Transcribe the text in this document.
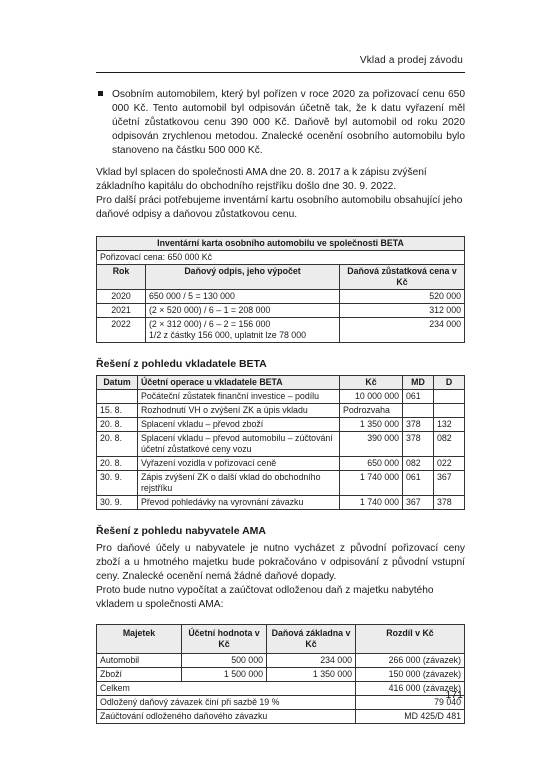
Vklad a prodej závodu
Osobním automobilem, který byl pořízen v roce 2020 za pořizovací cenu 650 000 Kč. Tento automobil byl odpisován účetně tak, že k datu vyřazení měl účetní zůstatkovou cenu 390 000 Kč. Daňově byl automobil od roku 2020 odpisován zrychlenou metodou. Znalecké ocenění osobního automobilu bylo stanoveno na částku 500 000 Kč.

Vklad byl splacen do společnosti AMA dne 20. 8. 2017 a k zápisu zvýšení základního kapitálu do obchodního rejstříku došlo dne 30. 9. 2022.

Pro další práci potřebujeme inventární kartu osobního automobilu obsahující jeho daňové odpisy a daňovou zůstatkovou cenu.

Inventární karta osobního automobilu ve společnosti BETA		
Pořizovací cena: 650 000 Kč		
Rok	Daňový odpis, jeho výpočet	Daňová zůstatková cena v Kč
2020	650 000 / 5 = 130 000	520 000
2021	(2 × 520 000) / 6 – 1 = 208 000	312 000
2022	(2 × 312 000) / 6 – 2 = 156 000
1/2 z částky 156 000, uplatnit lze 78 000	234 000
Řešení z pohledu vkladatele BETA
Datum	Účetní operace u vkladatele BETA	Kč	MD	D
	Počáteční zůstatek finanční investice – podílu	10 000 000	061	
15. 8.	Rozhodnutí VH o zvýšení ZK a úpis vkladu	Podrozvaha		
20. 8.	Splacení vkladu – převod zboží	1 350 000	378	132
20. 8.	Splacení vkladu – převod automobilu – zúčtování
účetní zůstatkové ceny vozu	390 000	378	082
20. 8.	Vyřazení vozidla v pořizovací ceně	650 000	082	022
30. 9.	Zápis zvýšení ZK o další vklad do obchodního rejstříku	1 740 000	061	367
30. 9.	Převod pohledávky na vyrovnání závazku	1 740 000	367	378
Řešení z pohledu nabyvatele AMA

Pro daňové účely u nabyvatele je nutno vycházet z původní pořizovací ceny zboží a u hmotného majetku bude pokračováno v odpisování z původní vstupní ceny. Znalecké ocenění nemá žádné daňové dopady.

Proto bude nutno vypočítat a zaúčtovat odloženou daň z majetku nabytého vkladem u společnosti AMA:

Majetek	Účetní hodnota v Kč	Daňová základna v Kč	Rozdíl v Kč
Automobil	500 000	234 000	266 000 (závazek)
Zboží	1 500 000	1 350 000	150 000 (závazek)
Celkem			416 000 (závazek)
Odložený daňový závazek činí při sazbě 19 %			79 040
Zaúčtování odloženého daňového závazku			MD 425/D 481
171
